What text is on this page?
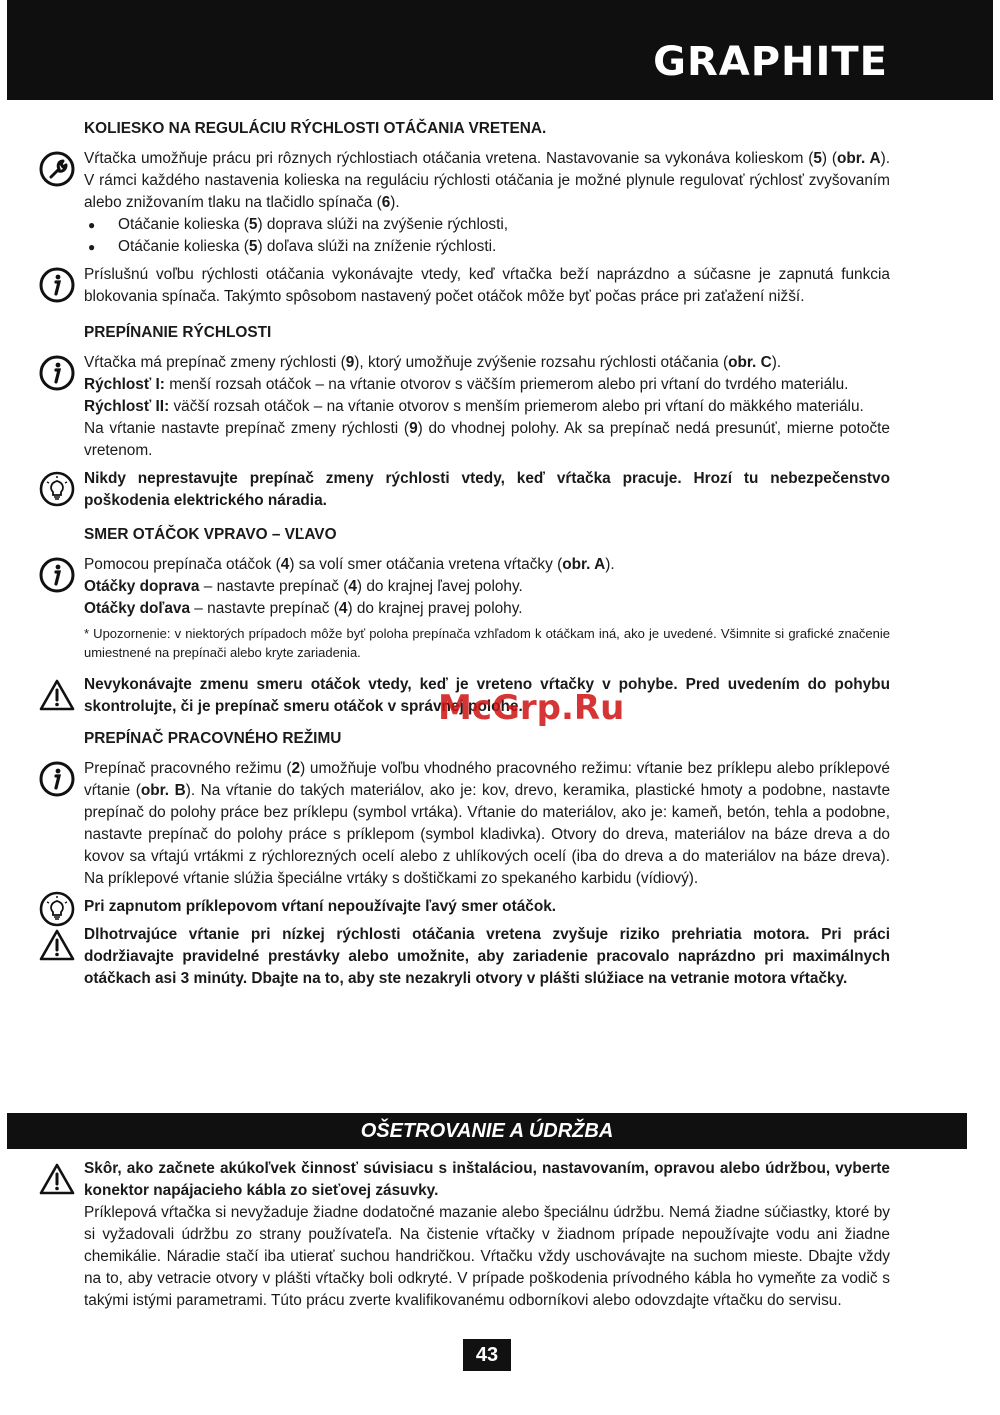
GRAPHITE
KOLIESKO NA REGULÁCIU RÝCHLOSTI OTÁČANIA VRETENA.

Vŕtačka umožňuje prácu pri rôznych rýchlostiach otáčania vretena. Nastavovanie sa vykonáva kolieskom (5) (obr. A). V rámci každého nastavenia kolieska na reguláciu rýchlosti otáčania je možné plynule regulovať rýchlosť zvyšovaním alebo znižovaním tlaku na tlačidlo spínača (6).

● Otáčanie kolieska (5) doprava slúži na zvýšenie rýchlosti,
● Otáčanie kolieska (5) doľava slúži na zníženie rýchlosti.

Príslušnú voľbu rýchlosti otáčania vykonávajte vtedy, keď vŕtačka beží naprázdno a súčasne je zapnutá funkcia blokovania spínača. Takýmto spôsobom nastavený počet otáčok môže byť počas práce pri zaťažení nižší.

PREPÍNANIE RÝCHLOSTI

Vŕtačka má prepínač zmeny rýchlosti (9), ktorý umožňuje zvýšenie rozsahu rýchlosti otáčania (obr. C).

Rýchlosť I: menší rozsah otáčok – na vŕtanie otvorov s väčším priemerom alebo pri vŕtaní do tvrdého materiálu.

Rýchlosť II: väčší rozsah otáčok – na vŕtanie otvorov s menším priemerom alebo pri vŕtaní do mäkkého materiálu.

Na vŕtanie nastavte prepínač zmeny rýchlosti (9) do vhodnej polohy. Ak sa prepínač nedá presunúť, mierne potočte vretenom.

Nikdy neprestavujte prepínač zmeny rýchlosti vtedy, keď vŕtačka pracuje. Hrozí tu nebezpečenstvo poškodenia elektrického náradia.

SMER OTÁČOK VPRAVO – VĽAVO

Pomocou prepínača otáčok (4) sa volí smer otáčania vretena vŕtačky (obr. A).

Otáčky doprava – nastavte prepínač (4) do krajnej ľavej polohy.

Otáčky doľava – nastavte prepínač (4) do krajnej pravej polohy.

* Upozornenie: v niektorých prípadoch môže byť poloha prepínača vzhľadom k otáčkam iná, ako je uvedené. Všimnite si grafické značenie umiestnené na prepínači alebo kryte zariadenia.

Nevykonávajte zmenu smeru otáčok vtedy, keď je vreteno vŕtačky v pohybe. Pred uvedením do pohybu skontrolujte, či je prepínač smeru otáčok v správnej polohe.

PREPÍNAČ PRACOVNÉHO REŽIMU

Prepínač pracovného režimu (2) umožňuje voľbu vhodného pracovného režimu: vŕtanie bez príklepu alebo príklepové vŕtanie (obr. B). Na vŕtanie do takých materiálov, ako je: kov, drevo, keramika, plastické hmoty a podobne, nastavte prepínač do polohy práce bez príklepu (symbol vrtáka). Vŕtanie do materiálov, ako je: kameň, betón, tehla a podobne, nastavte prepínač do polohy práce s príklepom (symbol kladivka). Otvory do dreva, materiálov na báze dreva a do kovov sa vŕtajú vrtákmi z rýchlorezných ocelí alebo z uhlíkových ocelí (iba do dreva a do materiálov na báze dreva). Na príklepové vŕtanie slúžia špeciálne vrtáky s doštičkami zo spekaného karbidu (vídiový).

Pri zapnutom príklepovom vŕtaní nepoužívajte ľavý smer otáčok.

Dlhotrvajúce vŕtanie pri nízkej rýchlosti otáčania vretena zvyšuje riziko prehriatia motora. Pri práci dodržiavajte pravidelné prestávky alebo umožnite, aby zariadenie pracovalo naprázdno pri maximálnych otáčkach asi 3 minúty. Dbajte na to, aby ste nezakryli otvory v plášti slúžiace na vetranie motora vŕtačky.

McGrp.Ru
OŠETROVANIE A ÚDRŽBA

Skôr, ako začnete akúkoľvek činnosť súvisiacu s inštaláciou, nastavovaním, opravou alebo údržbou, vyberte konektor napájacieho kábla zo sieťovej zásuvky.

Príklepová vŕtačka si nevyžaduje žiadne dodatočné mazanie alebo špeciálnu údržbu. Nemá žiadne súčiastky, ktoré by si vyžadovali údržbu zo strany používateľa. Na čistenie vŕtačky v žiadnom prípade nepoužívajte vodu ani žiadne chemikálie. Náradie stačí iba utierať suchou handričkou. Vŕtačku vždy uschovávajte na suchom mieste. Dbajte vždy na to, aby vetracie otvory v plášti vŕtačky boli odkryté. V prípade poškodenia prívodného kábla ho vymeňte za vodič s takými istými parametrami. Túto prácu zverte kvalifikovanému odborníkovi alebo odovzdajte vŕtačku do servisu.

43
